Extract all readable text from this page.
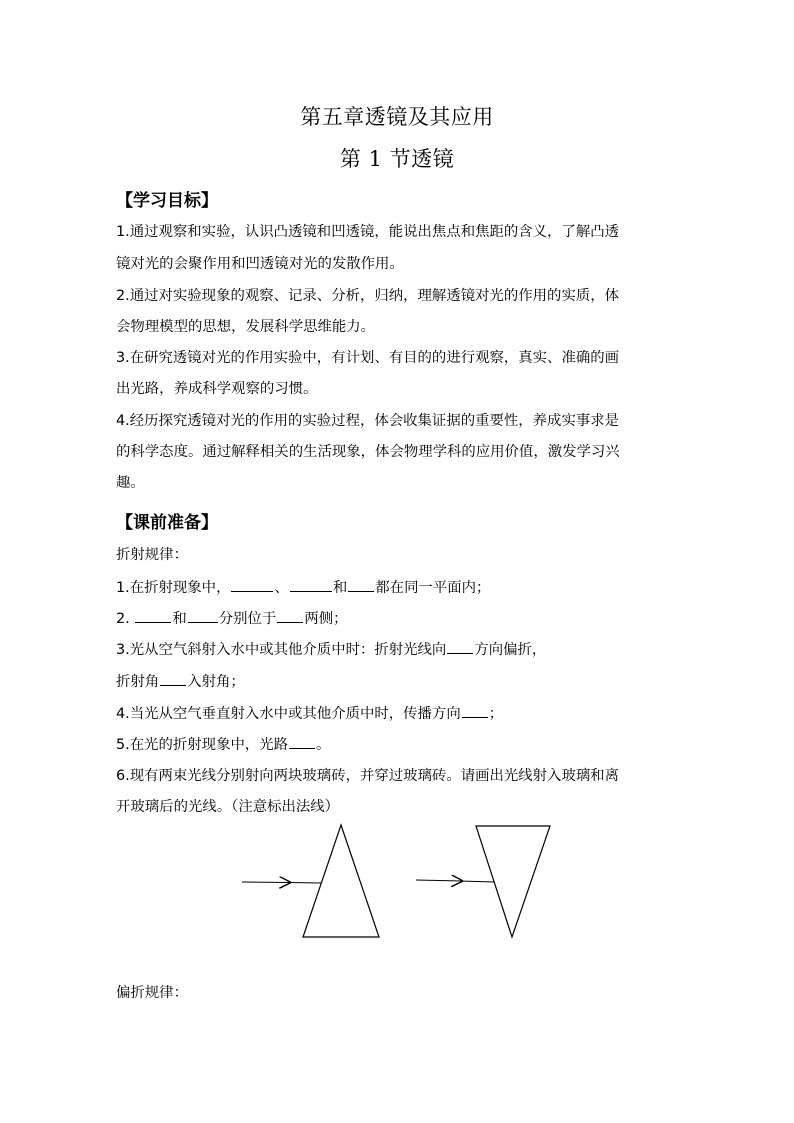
第五章透镜及其应用
第 1 节透镜
【学习目标】
1.通过观察和实验，认识凸透镜和凹透镜，能说出焦点和焦距的含义，了解凸透
镜对光的会聚作用和凹透镜对光的发散作用。
2.通过对实验现象的观察、记录、分析，归纳，理解透镜对光的作用的实质，体
会物理模型的思想，发展科学思维能力。
3.在研究透镜对光的作用实验中，有计划、有目的的进行观察，真实、准确的画
出光路，养成科学观察的习惯。
4.经历探究透镜对光的作用的实验过程，体会收集证据的重要性，养成实事求是
的科学态度。通过解释相关的生活现象，体会物理学科的应用价值，激发学习兴
趣。
【课前准备】
折射规律：
1.在折射现象中，	、	和 都在同一平面内；
2.	和 分别位于 两侧；
3.光从空气斜射入水中或其他介质中时：折射光线向 方向偏折，
折射角 入射角；
4.当光从空气垂直射入水中或其他介质中时，传播方向 ；
5.在光的折射现象中，光路 。
6.现有两束光线分别射向两块玻璃砖，并穿过玻璃砖。请画出光线射入玻璃和离
开玻璃后的光线。（注意标出法线）
偏折规律：
